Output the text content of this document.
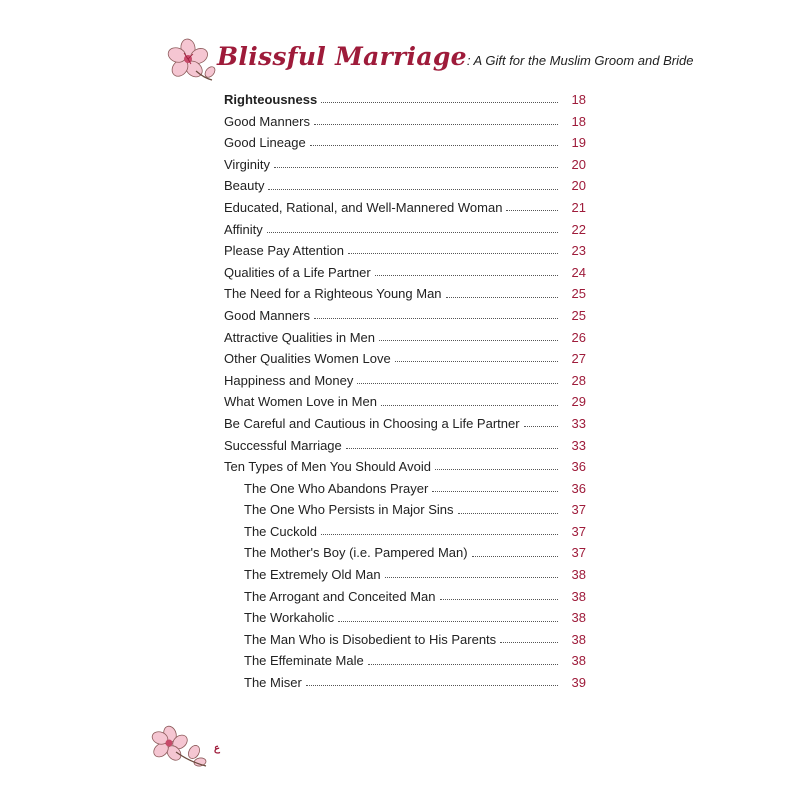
Blissful Marriage: A Gift for the Muslim Groom and Bride
Righteousness	18
Good Manners	18
Good Lineage	19
Virginity	20
Beauty	20
Educated, Rational, and Well-Mannered Woman	21
Affinity	22
Please Pay Attention	23
Qualities of a Life Partner	24
The Need for a Righteous Young Man	25
Good Manners	25
Attractive Qualities in Men	26
Other Qualities Women Love	27
Happiness and Money	28
What Women Love in Men	29
Be Careful and Cautious in Choosing a Life Partner	33
Successful Marriage	33
Ten Types of Men You Should Avoid	36
The One Who Abandons Prayer	36
The One Who Persists in Major Sins	37
The Cuckold	37
The Mother's Boy (i.e. Pampered Man)	37
The Extremely Old Man	38
The Arrogant and Conceited Man	38
The Workaholic	38
The Man Who is Disobedient to His Parents	38
The Effeminate Male	38
The Miser	39
ع
